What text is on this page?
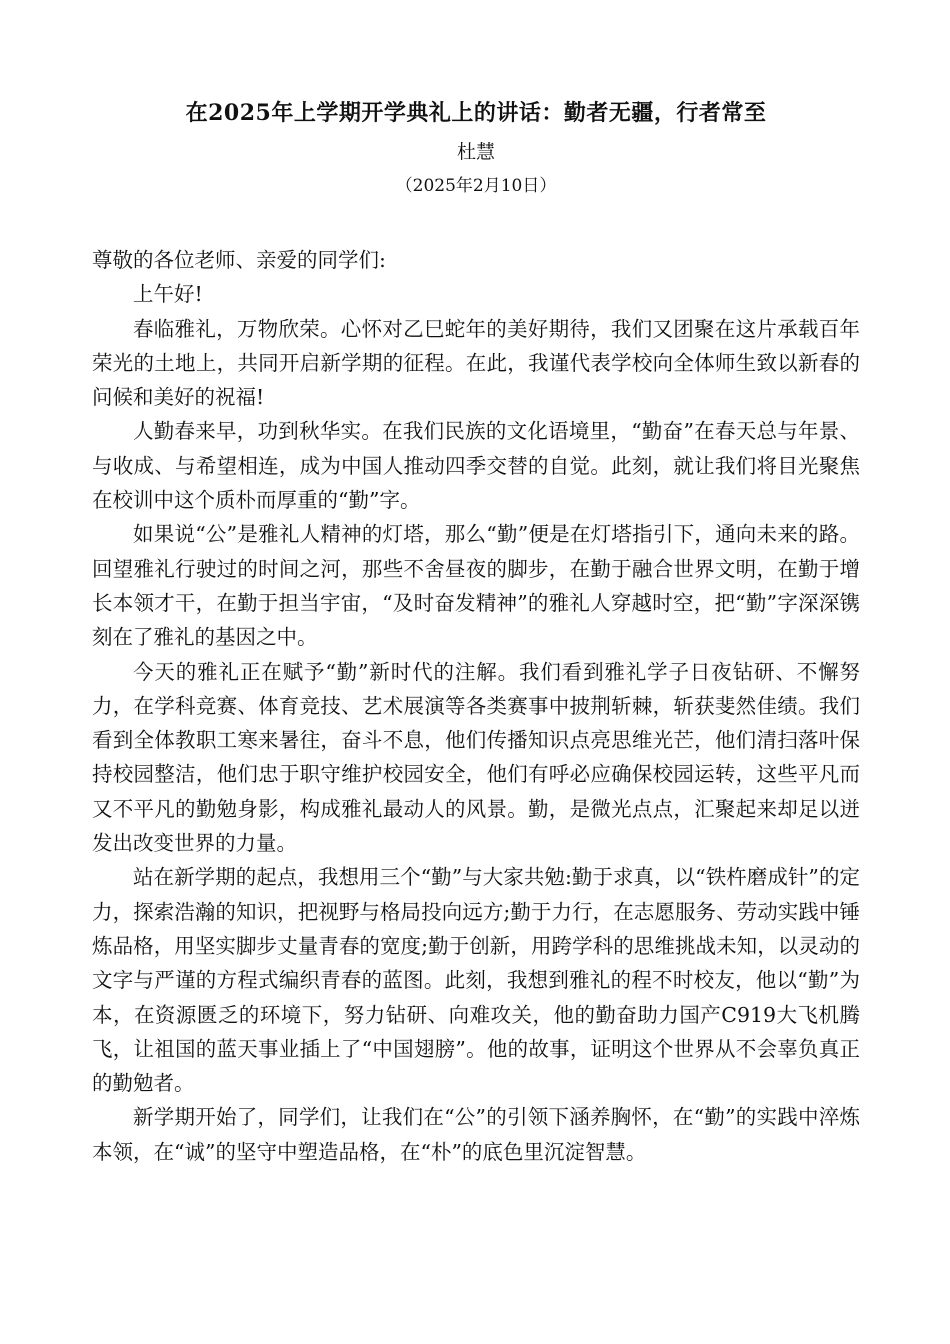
在2025年上学期开学典礼上的讲话：勤者无疆，行者常至
杜慧
（2025年2月10日）

尊敬的各位老师、亲爱的同学们:

上午好!

春临雅礼，万物欣荣。心怀对乙巳蛇年的美好期待，我们又团聚在这片承载百年荣光的土地上，共同开启新学期的征程。在此，我谨代表学校向全体师生致以新春的问候和美好的祝福!

人勤春来早，功到秋华实。在我们民族的文化语境里，“勤奋”在春天总与年景、与收成、与希望相连，成为中国人推动四季交替的自觉。此刻，就让我们将目光聚焦在校训中这个质朴而厚重的“勤”字。

如果说“公”是雅礼人精神的灯塔，那么“勤”便是在灯塔指引下，通向未来的路。回望雅礼行驶过的时间之河，那些不舍昼夜的脚步，在勤于融合世界文明，在勤于增长本领才干，在勤于担当宇宙，“及时奋发精神”的雅礼人穿越时空，把“勤”字深深镌刻在了雅礼的基因之中。

今天的雅礼正在赋予“勤”新时代的注解。我们看到雅礼学子日夜钻研、不懈努力，在学科竞赛、体育竞技、艺术展演等各类赛事中披荆斩棘，斩获斐然佳绩。我们看到全体教职工寒来暑往，奋斗不息，他们传播知识点亮思维光芒，他们清扫落叶保持校园整洁，他们忠于职守维护校园安全，他们有呼必应确保校园运转，这些平凡而又不平凡的勤勉身影，构成雅礼最动人的风景。勤，是微光点点，汇聚起来却足以迸发出改变世界的力量。

站在新学期的起点，我想用三个“勤”与大家共勉:勤于求真，以“铁杵磨成针”的定力，探索浩瀚的知识，把视野与格局投向远方;勤于力行，在志愿服务、劳动实践中锤炼品格，用坚实脚步丈量青春的宽度;勤于创新，用跨学科的思维挑战未知，以灵动的文字与严谨的方程式编织青春的蓝图。此刻，我想到雅礼的程不时校友，他以“勤”为本，在资源匮乏的环境下，努力钻研、向难攻关，他的勤奋助力国产C919大飞机腾飞，让祖国的蓝天事业插上了“中国翅膀”。他的故事，证明这个世界从不会辜负真正的勤勉者。

新学期开始了，同学们，让我们在“公”的引领下涵养胸怀，在“勤”的实践中淬炼本领，在“诚”的坚守中塑造品格，在“朴”的底色里沉淀智慧。
